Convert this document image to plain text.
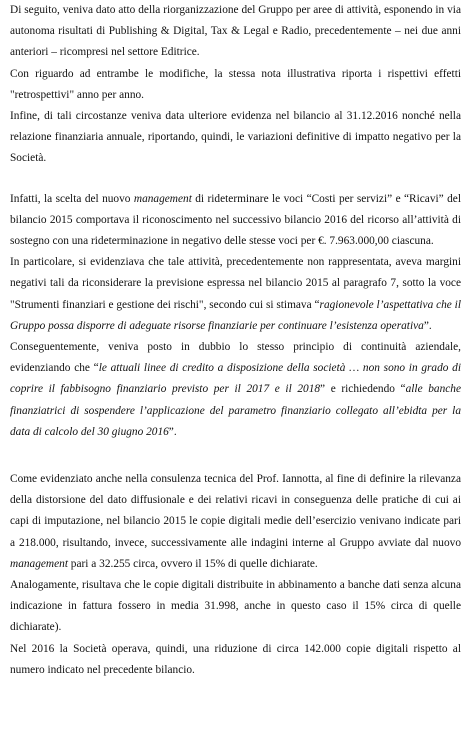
Di seguito, veniva dato atto della riorganizzazione del Gruppo per aree di attività, esponendo in via autonoma risultati di Publishing & Digital, Tax & Legal e Radio, precedentemente – nei due anni anteriori – ricompresi nel settore Editrice.

Con riguardo ad entrambe le modifiche, la stessa nota illustrativa riporta i rispettivi effetti "retrospettivi" anno per anno.

Infine, di tali circostanze veniva data ulteriore evidenza nel bilancio al 31.12.2016 nonché nella relazione finanziaria annuale, riportando, quindi, le variazioni definitive di impatto negativo per la Società.

Infatti, la scelta del nuovo management di rideterminare le voci “Costi per servizi” e “Ricavi” del bilancio 2015 comportava il riconoscimento nel successivo bilancio 2016 del ricorso all’attività di sostegno con una rideterminazione in negativo delle stesse voci per €. 7.963.000,00 ciascuna.

In particolare, si evidenziava che tale attività, precedentemente non rappresentata, aveva margini negativi tali da riconsiderare la previsione espressa nel bilancio 2015 al paragrafo 7, sotto la voce "Strumenti finanziari e gestione dei rischi", secondo cui si stimava “ragionevole l’aspettativa che il Gruppo possa disporre di adeguate risorse finanziarie per continuare l’esistenza operativa”.

Conseguentemente, veniva posto in dubbio lo stesso principio di continuità aziendale, evidenziando che “le attuali linee di credito a disposizione della società … non sono in grado di coprire il fabbisogno finanziario previsto per il 2017 e il 2018” e richiedendo “alle banche finanziatrici di sospendere l’applicazione del parametro finanziario collegato all’ebidta per la data di calcolo del 30 giugno 2016”.

Come evidenziato anche nella consulenza tecnica del Prof. Iannotta, al fine di definire la rilevanza della distorsione del dato diffusionale e dei relativi ricavi in conseguenza delle pratiche di cui ai capi di imputazione, nel bilancio 2015 le copie digitali medie dell’esercizio venivano indicate pari a 218.000, risultando, invece, successivamente alle indagini interne al Gruppo avviate dal nuovo management pari a 32.255 circa, ovvero il 15% di quelle dichiarate.

Analogamente, risultava che le copie digitali distribuite in abbinamento a banche dati senza alcuna indicazione in fattura fossero in media 31.998, anche in questo caso il 15% circa di quelle dichiarate).

Nel 2016 la Società operava, quindi, una riduzione di circa 142.000 copie digitali rispetto al numero indicato nel precedente bilancio.
